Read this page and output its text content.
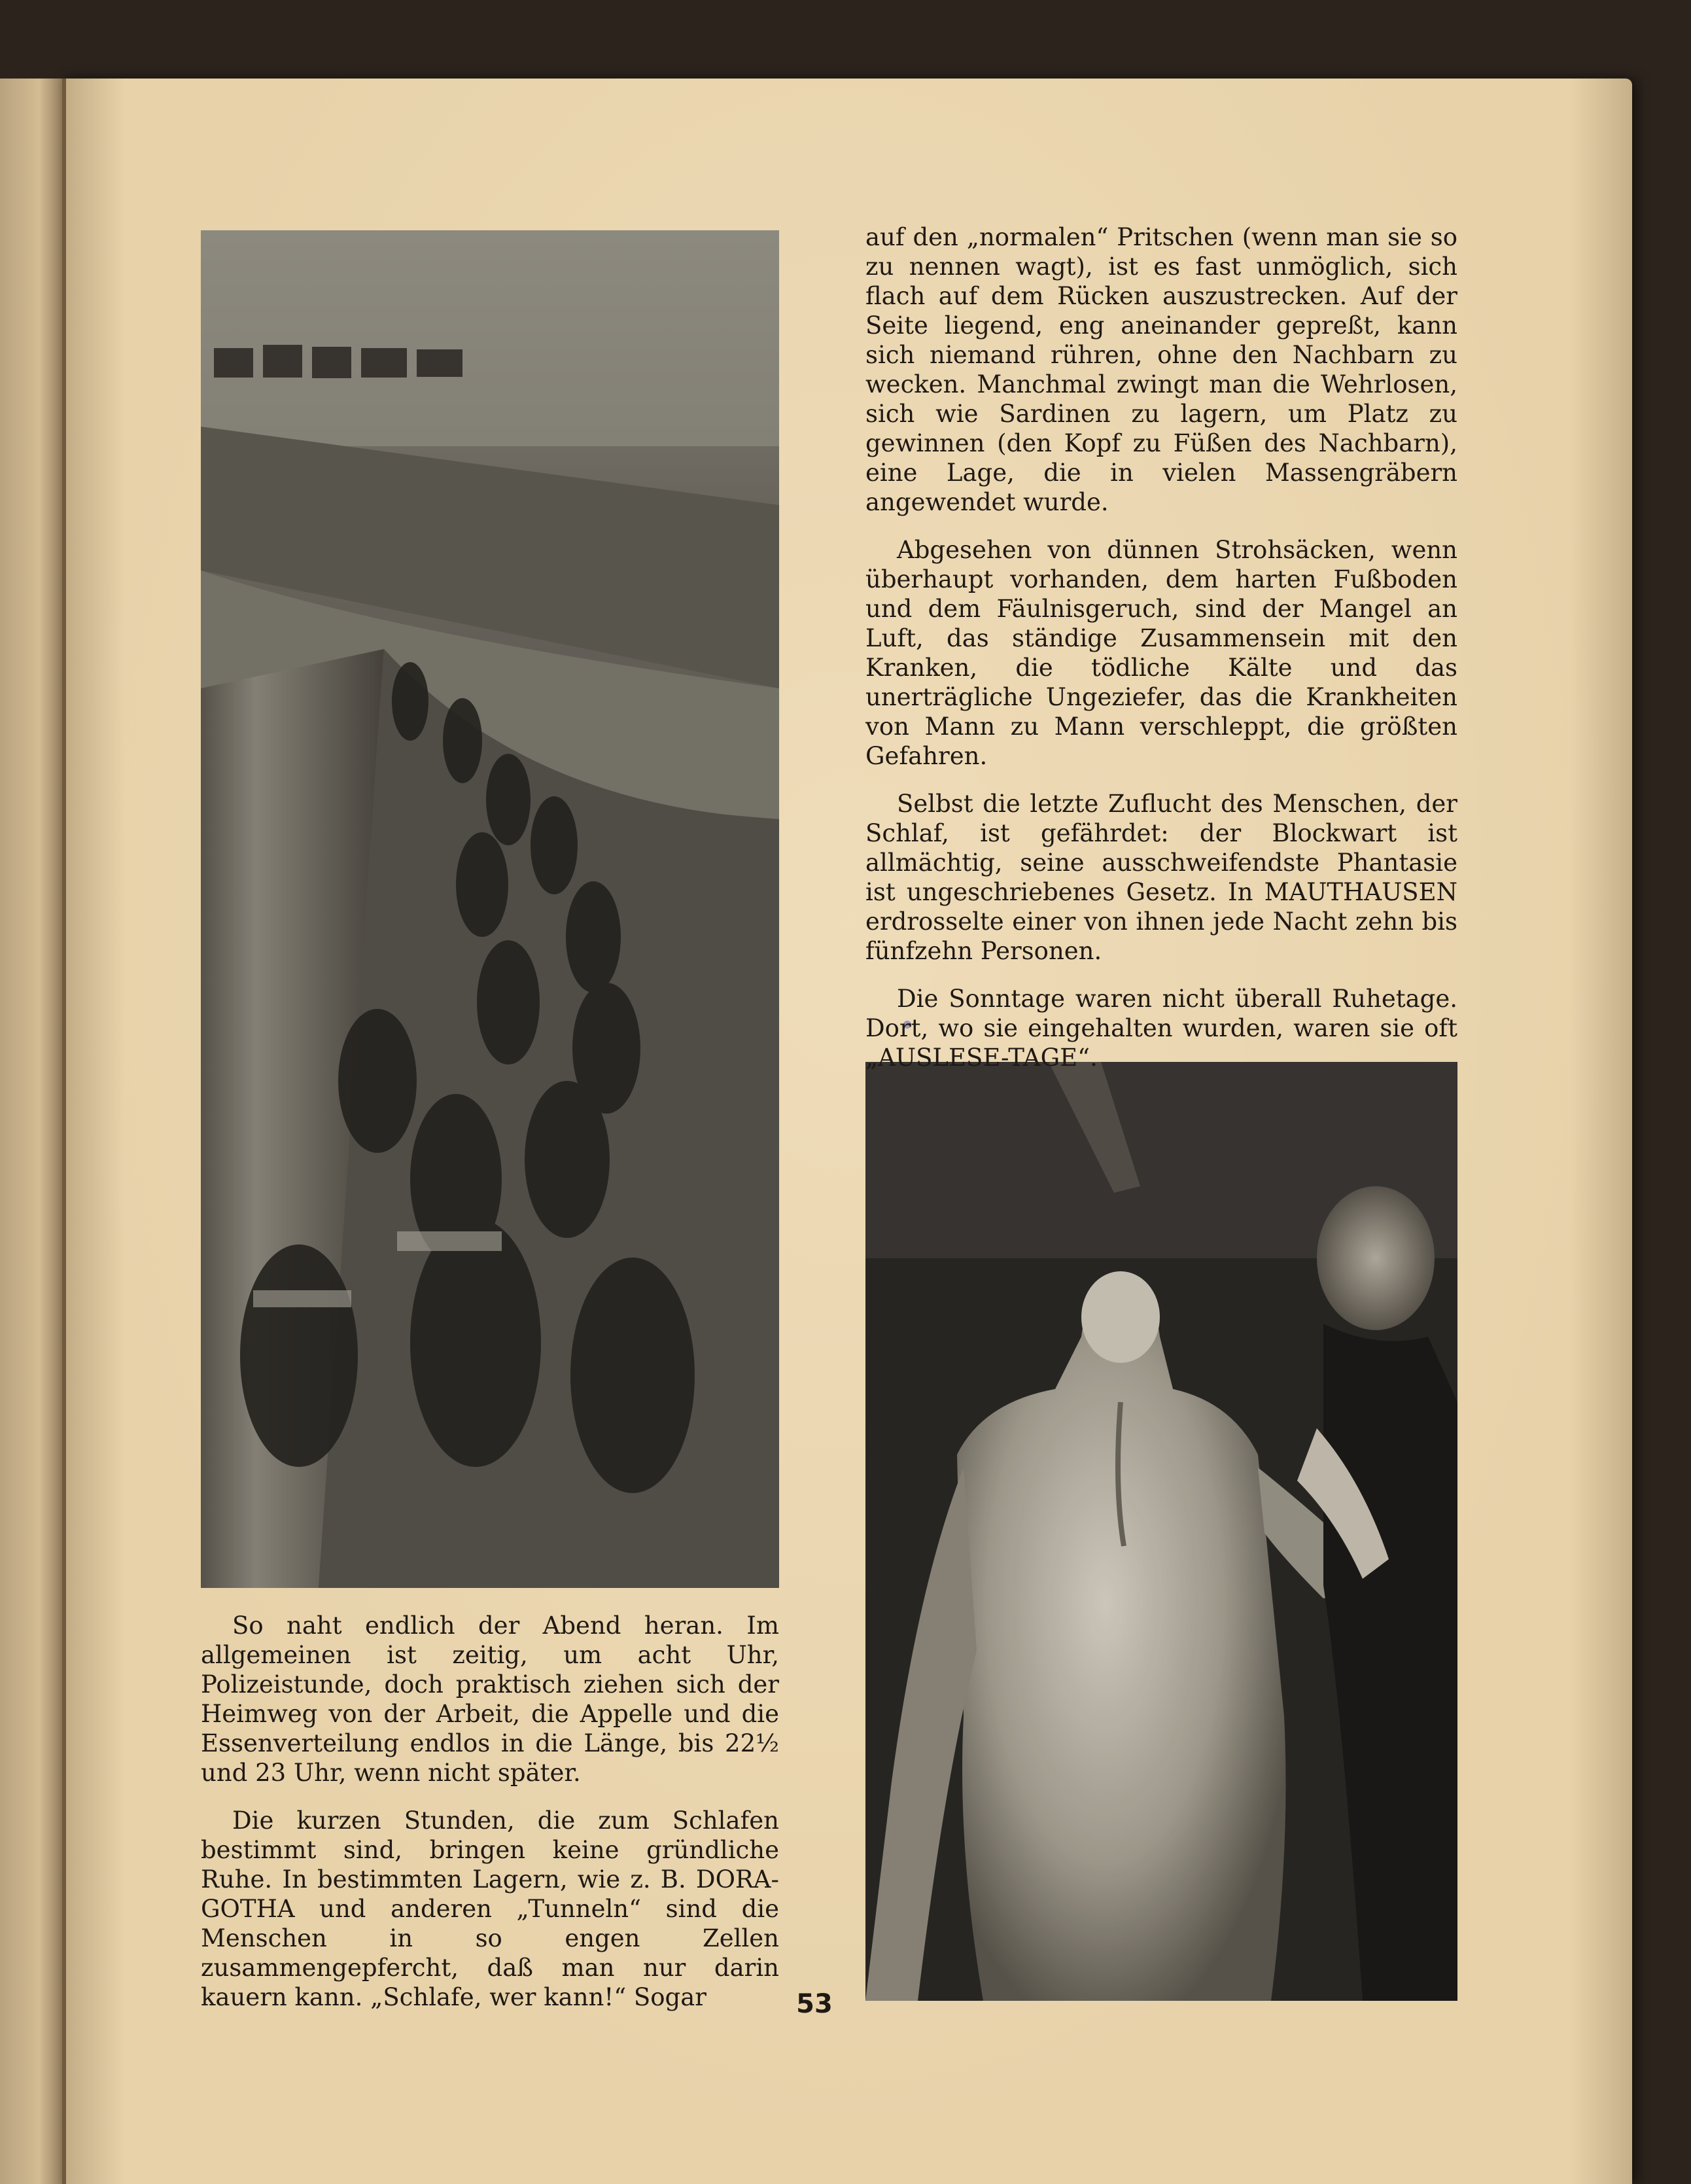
auf den „normalen“ Pritschen (wenn man sie so zu nennen wagt), ist es fast unmöglich, sich flach auf dem Rücken auszustrecken. Auf der Seite liegend, eng aneinander gepreßt, kann sich niemand rühren, ohne den Nachbarn zu wecken. Manchmal zwingt man die Wehrlosen, sich wie Sardinen zu lagern, um Platz zu gewinnen (den Kopf zu Füßen des Nachbarn), eine Lage, die in vielen Massengräbern angewendet wurde.

Abgesehen von dünnen Strohsäcken, wenn überhaupt vorhanden, dem harten Fußboden und dem Fäulnisgeruch, sind der Mangel an Luft, das ständige Zusammensein mit den Kranken, die tödliche Kälte und das unerträgliche Ungeziefer, das die Krankheiten von Mann zu Mann verschleppt, die größten Gefahren.

Selbst die letzte Zuflucht des Menschen, der Schlaf, ist gefährdet: der Blockwart ist allmächtig, seine ausschweifendste Phantasie ist ungeschriebenes Gesetz. In MAUTHAUSEN erdrosselte einer von ihnen jede Nacht zehn bis fünfzehn Personen.

Die Sonntage waren nicht überall Ruhetage. Dort, wo sie eingehalten wurden, waren sie oft „AUSLESE-TAGE“.

So naht endlich der Abend heran. Im allgemeinen ist zeitig, um acht Uhr, Polizeistunde, doch praktisch ziehen sich der Heimweg von der Arbeit, die Appelle und die Essenverteilung endlos in die Länge, bis 22½ und 23 Uhr, wenn nicht später.

Die kurzen Stunden, die zum Schlafen bestimmt sind, bringen keine gründliche Ruhe. In bestimmten Lagern, wie z. B. DORA-GOTHA und anderen „Tunneln“ sind die Menschen in so engen Zellen zusammengepfercht, daß man nur darin kauern kann. „Schlafe, wer kann!“ Sogar	53
